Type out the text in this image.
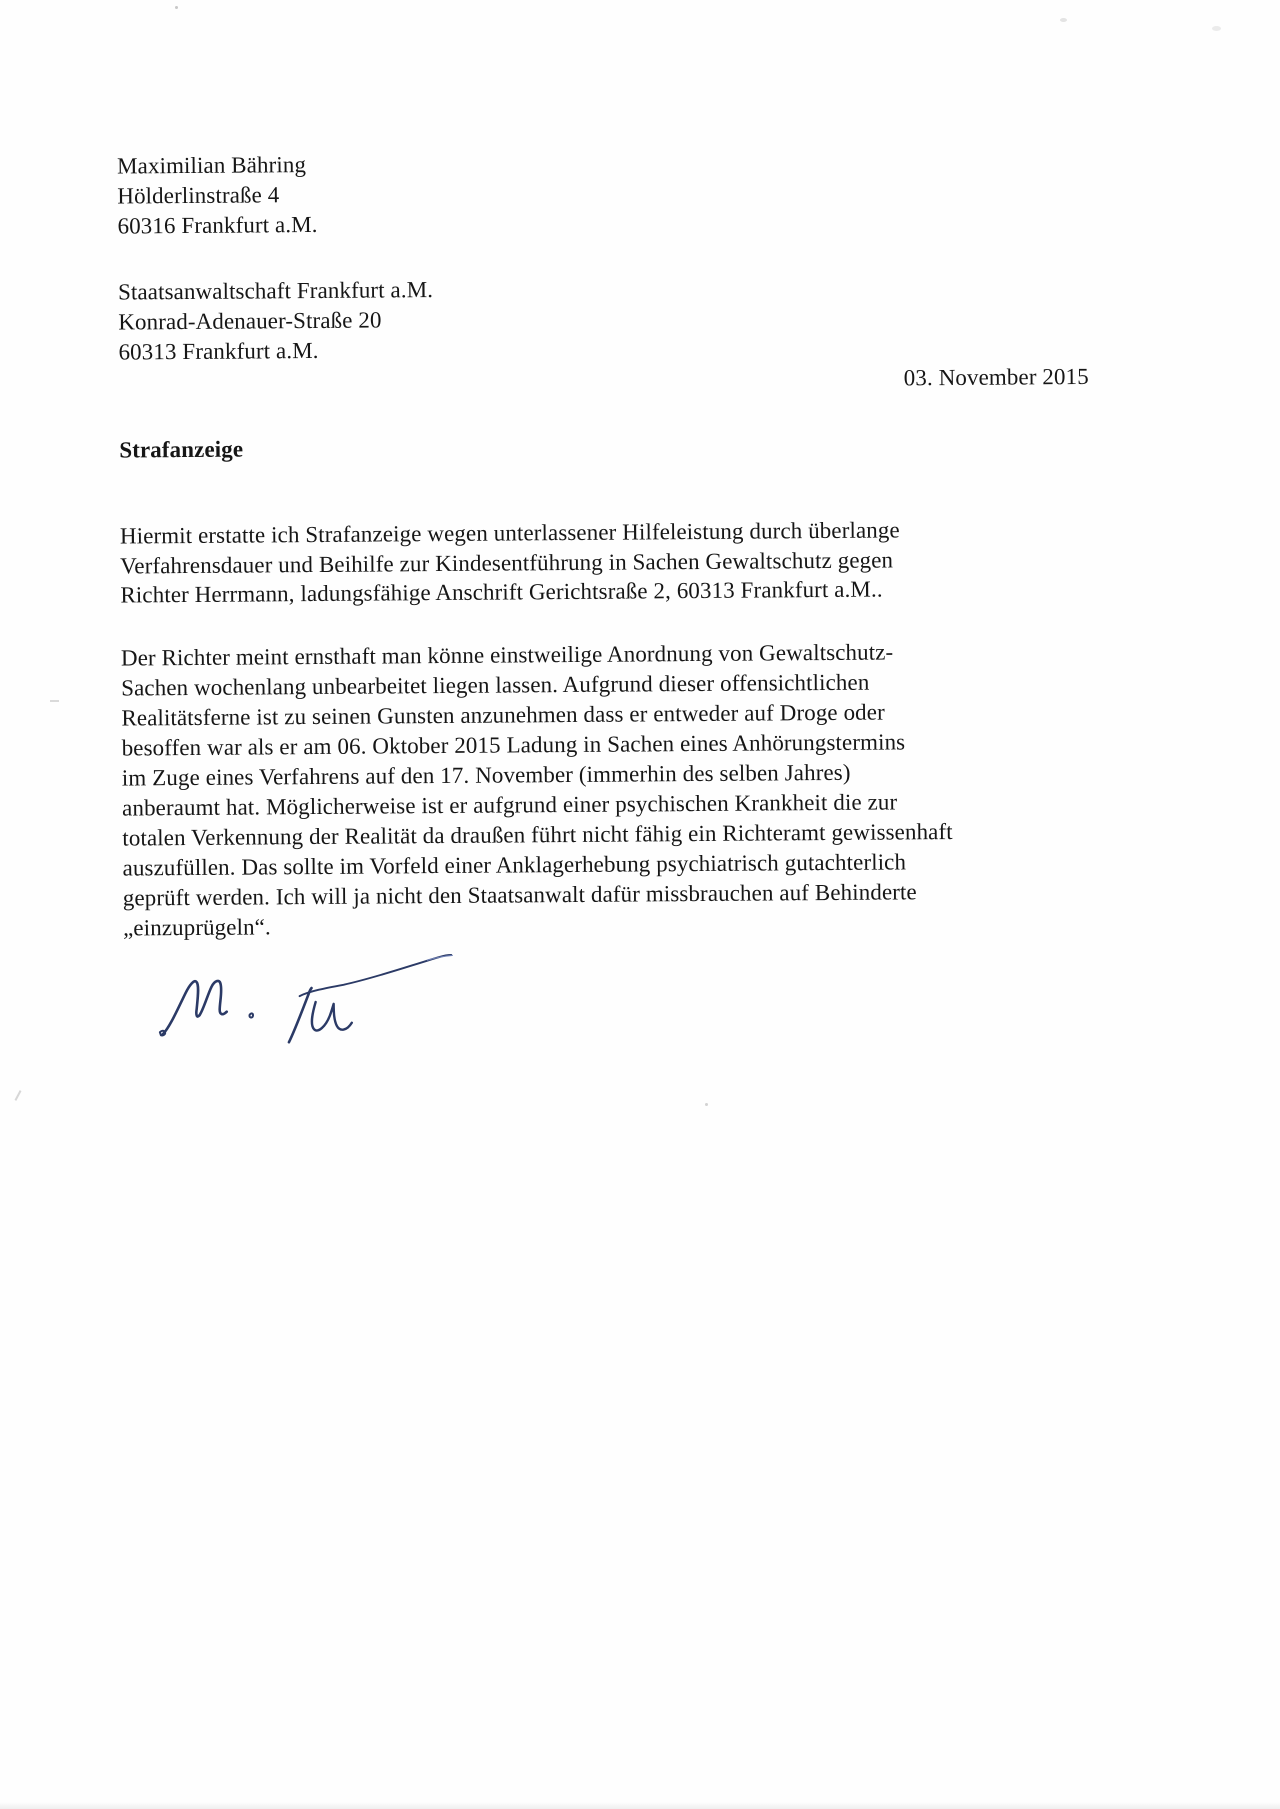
Maximilian Bähring
Hölderlinstraße 4
60316 Frankfurt a.M.
Staatsanwaltschaft Frankfurt a.M.
Konrad-Adenauer-Straße 20
60313 Frankfurt a.M.
03. November 2015
Strafanzeige
Hiermit erstatte ich Strafanzeige wegen unterlassener Hilfeleistung durch überlange
Verfahrensdauer und Beihilfe zur Kindesentführung in Sachen Gewaltschutz gegen
Richter Herrmann, ladungsfähige Anschrift Gerichtsraße 2, 60313 Frankfurt a.M..
Der Richter meint ernsthaft man könne einstweilige Anordnung von Gewaltschutz-
Sachen wochenlang unbearbeitet liegen lassen. Aufgrund dieser offensichtlichen
Realitätsferne ist zu seinen Gunsten anzunehmen dass er entweder auf Droge oder
besoffen war als er am 06. Oktober 2015 Ladung in Sachen eines Anhörungstermins
im Zuge eines Verfahrens auf den 17. November (immerhin des selben Jahres)
anberaumt hat. Möglicherweise ist er aufgrund einer psychischen Krankheit die zur
totalen Verkennung der Realität da draußen führt nicht fähig ein Richteramt gewissenhaft
auszufüllen. Das sollte im Vorfeld einer Anklagerhebung psychiatrisch gutachterlich
geprüft werden. Ich will ja nicht den Staatsanwalt dafür missbrauchen auf Behinderte
„einzuprügeln“.
